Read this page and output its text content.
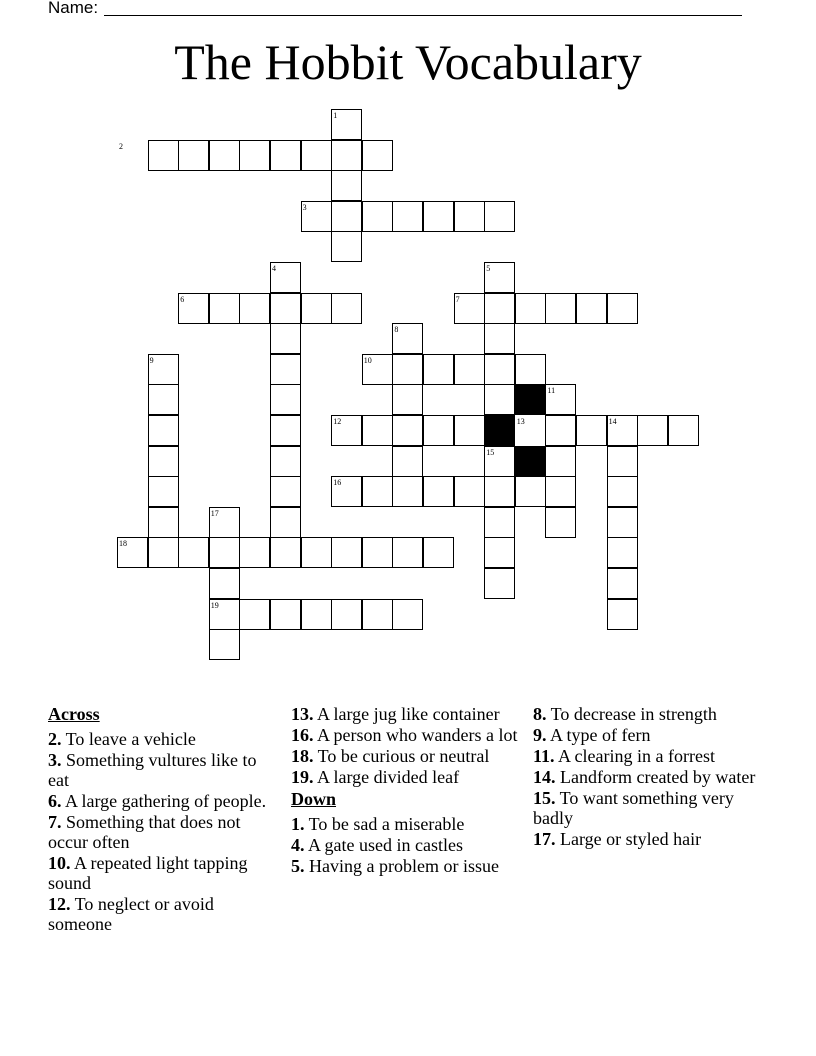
Name:
The Hobbit Vocabulary
1
2
3
4	5
6	7
8
9	10
11
12	13	14
15
16
17
18
19
Across
2. To leave a vehicle
3. Something vultures like to eat
6. A large gathering of people.
7. Something that does not occur often
10. A repeated light tapping sound
12. To neglect or avoid someone
13. A large jug like container
16. A person who wanders a lot
18. To be curious or neutral
19. A large divided leaf
Down
1. To be sad a miserable
4. A gate used in castles
5. Having a problem or issue
8. To decrease in strength
9. A type of fern
11. A clearing in a forrest
14. Landform created by water
15. To want something very badly
17. Large or styled hair
